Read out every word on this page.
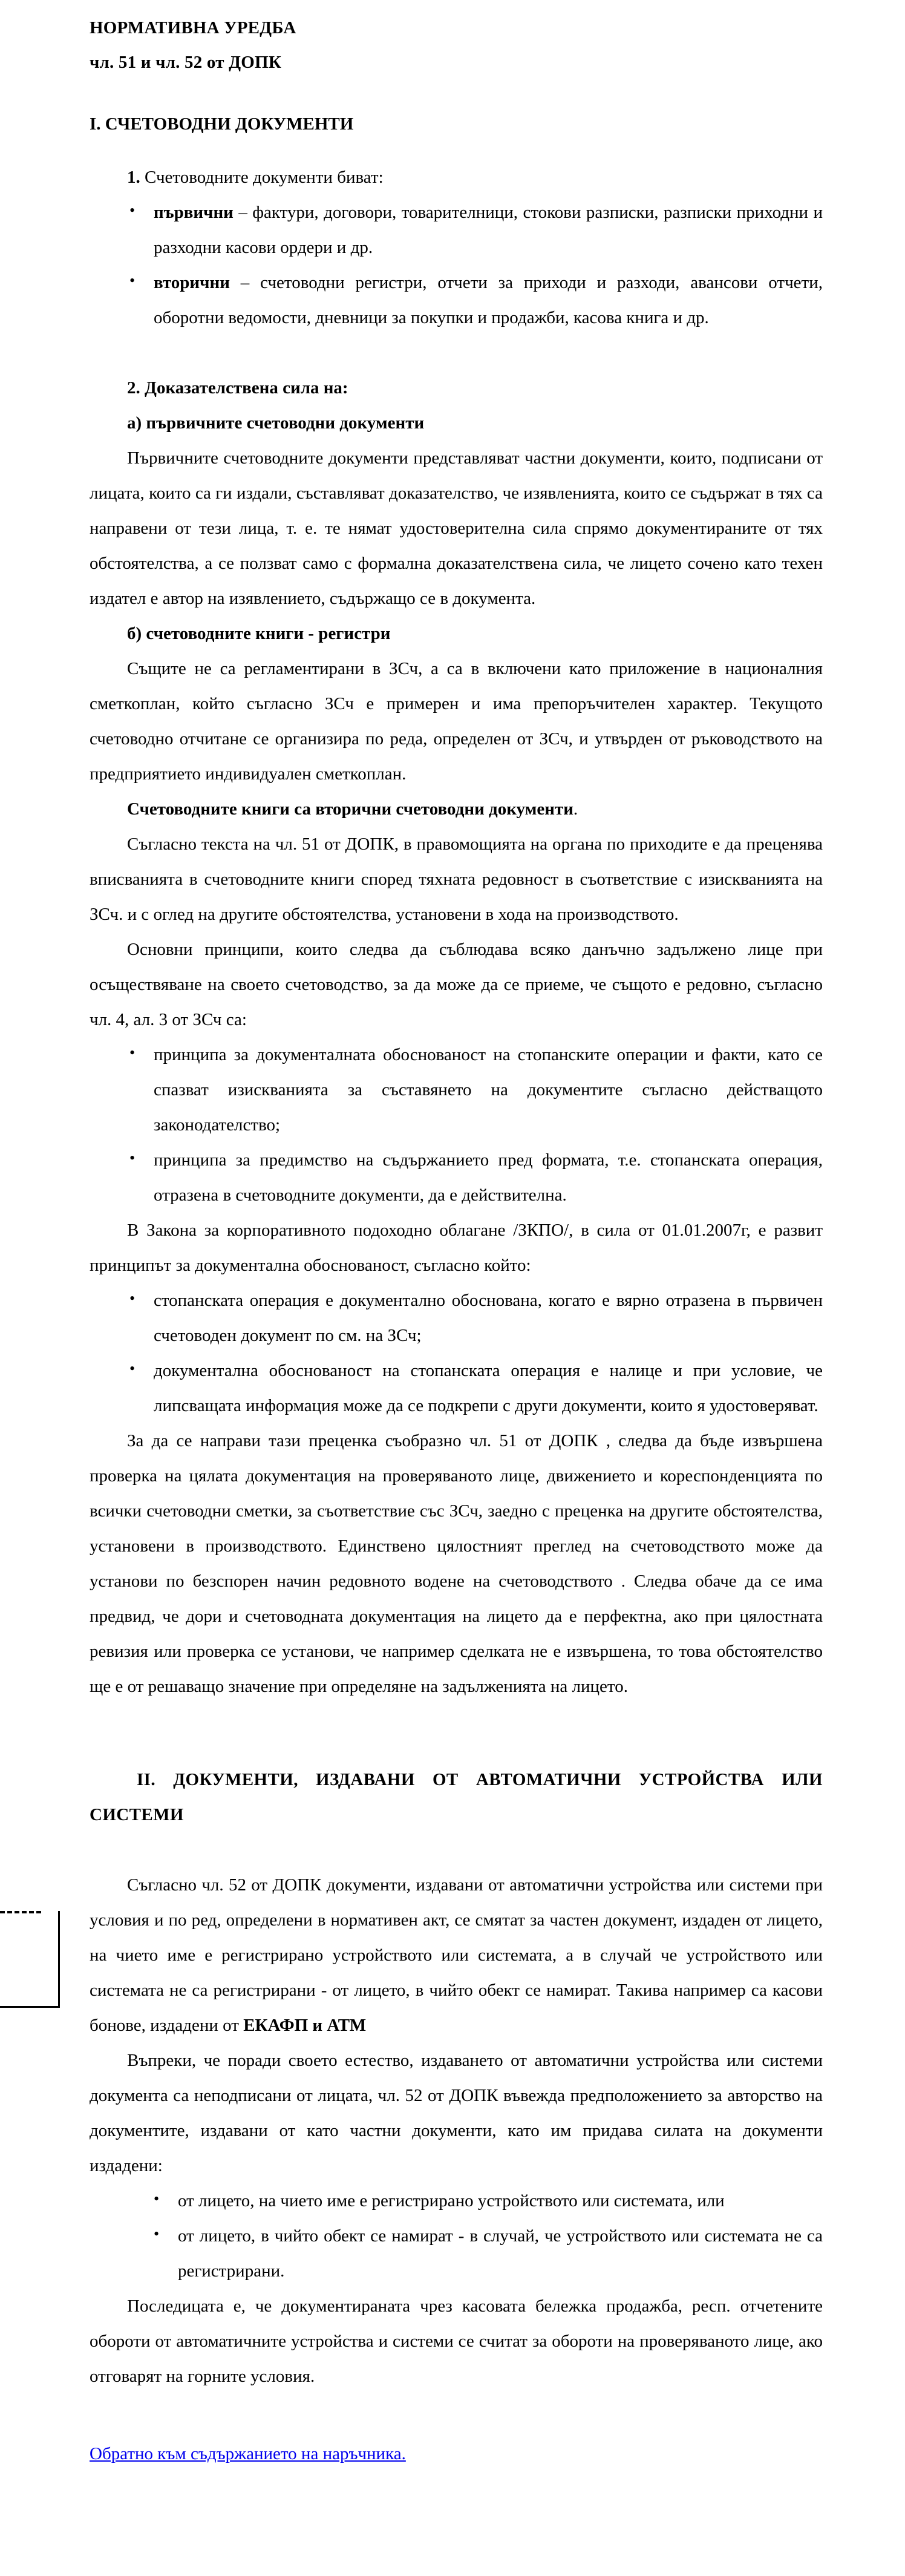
НОРМАТИВНА УРЕДБА
чл. 51 и чл. 52 от ДОПК
I. СЧЕТОВОДНИ ДОКУМЕНТИ

1. Счетоводните документи биват:

• първични – фактури, договори, товарителници, стокови разписки, разписки приходни и разходни касови ордери и др.
• вторични – счетоводни регистри, отчети за приходи и разходи, авансови отчети, оборотни ведомости, дневници за покупки и продажби, касова книга и др.

2. Доказателствена сила на:

а) първичните счетоводни документи

Първичните счетоводните документи представляват частни документи, които, подписани от лицата, които са ги издали, съставляват доказателство, че изявленията, които се съдържат в тях са направени от тези лица, т. е. те нямат удостоверителна сила спрямо документираните от тях обстоятелства, а се ползват само с формална доказателствена сила, че лицето сочено като техен издател е автор на изявлението, съдържащо се в документа.

б) счетоводните книги - регистри

Същите не са регламентирани в ЗСч, а са в включени като приложение в националния сметкоплан, който съгласно ЗСч е примерен и има препоръчителен характер. Текущото счетоводно отчитане се организира по реда, определен от ЗСч, и утвърден от ръководството на предприятието индивидуален сметкоплан.

Счетоводните книги са вторични счетоводни документи.

Съгласно текста на чл. 51 от ДОПК, в правомощията на органа по приходите е да преценява вписванията в счетоводните книги според тяхната редовност в съответствие с изискванията на ЗСч. и с оглед на другите обстоятелства, установени в хода на производството.

Основни принципи, които следва да съблюдава всяко данъчно задължено лице при осъществяване на своето счетоводство, за да може да се приеме, че същото е редовно, съгласно чл. 4, ал. 3 от ЗСч са:

• принципа за документалната обоснованост на стопанските операции и факти, като се спазват изискванията за съставянето на документите съгласно действащото законодателство;
• принципа за предимство на съдържанието пред формата, т.е. стопанската операция, отразена в счетоводните документи, да е действителна.

В Закона за корпоративното подоходно облагане /ЗКПО/, в сила от 01.01.2007г, е развит принципът за документална обоснованост, съгласно който:

• стопанската операция е документално обоснована, когато е вярно отразена в първичен счетоводен документ по см. на ЗСч;
• документална обоснованост на стопанската операция е налице и при условие, че липсващата информация може да се подкрепи с други документи, които я удостоверяват.

За да се направи тази преценка съобразно чл. 51 от ДОПК , следва да бъде извършена проверка на цялата документация на проверяваното лице, движението и кореспонденцията по всички счетоводни сметки, за съответствие със ЗСч, заедно с преценка на другите обстоятелства, установени в производството. Единствено цялостният преглед на счетоводството може да установи по безспорен начин редовното водене на счетоводството . Следва обаче да се има предвид, че дори и счетоводната документация на лицето да е перфектна, ако при цялостната ревизия или проверка се установи, че например сделката не е извършена, то това обстоятелство ще е от решаващо значение при определяне на задълженията на лицето.

II. ДОКУМЕНТИ, ИЗДАВАНИ ОТ АВТОМАТИЧНИ УСТРОЙСТВА ИЛИ СИСТЕМИ

Съгласно чл. 52 от ДОПК документи, издавани от автоматични устройства или системи при условия и по ред, определени в нормативен акт, се смятат за частен документ, издаден от лицето, на чието име е регистрирано устройството или системата, а в случай че устройството или системата не са регистрирани - от лицето, в чийто обект се намират. Такива например са касови бонове, издадени от ЕКАФП и АТМ

Въпреки, че поради своето естество, издаването от автоматични устройства или системи документа са неподписани от лицата, чл. 52 от ДОПК въвежда предположението за авторство на документите, издавани от като частни документи, като им придава силата на документи издадени:

• от лицето, на чието име е регистрирано устройството или системата, или
• от лицето, в чийто обект се намират - в случай, че устройството или системата не са регистрирани.

Последицата е, че документираната чрез касовата бележка продажба, респ. отчетените обороти от автоматичните устройства и системи се считат за обороти на проверяваното лице, ако отговарят на горните условия.

Обратно към съдържанието на наръчника.
